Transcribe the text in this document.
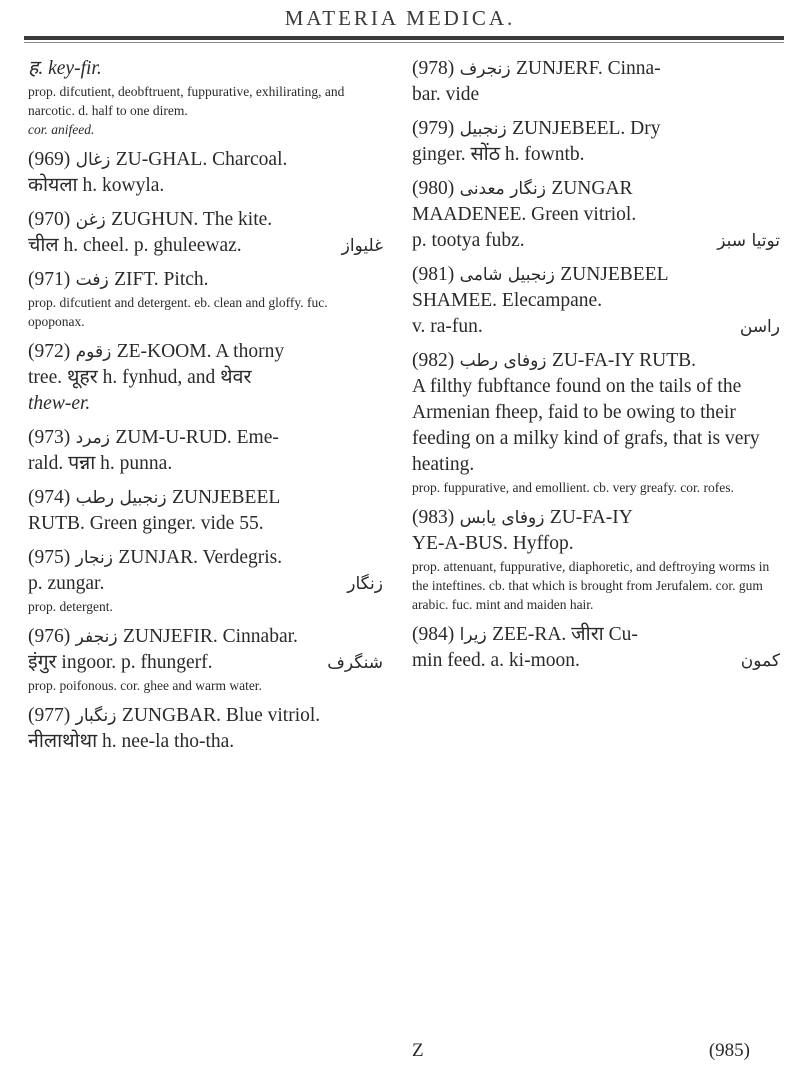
MATERIA MEDICA.
ह. key-fir.
prop. difcutient, deobftruent, fuppurative, exhilirating, and narcotic. d. half to one direm.
cor. anifeed.
(969) زغال ZU-GHAL. Charcoal.
कोयला h. kowyla.
(970) زغن ZUGHUN. The kite.
चील h. cheel. p. ghuleewaz.	غليواز
(971) زفت ZIFT. Pitch.
prop. difcutient and detergent. eb. clean and gloffy. fuc. opoponax.
(972) زقوم ZE-KOOM. A thorny
tree. थूहर h. fynhud, and थेवर
thew-er.
(973) زمرد ZUM-U-RUD. Eme-
rald. पन्ना h. punna.
(974) زنجبیل رطب ZUNJEBEEL
RUTB. Green ginger. vide 55.
(975) زنجار ZUNJAR. Verdegris.
p. zungar.	زنگار
prop. detergent.
(976) زنجفر ZUNJEFIR. Cinnabar.
इंगुर ingoor. p. fhungerf.	شنگرف
prop. poifonous. cor. ghee and warm water.
(977) زنگبار ZUNGBAR. Blue vitriol.
नीलाथोथा h. nee-la tho-tha.
(978) زنجرف ZUNJERF. Cinna-
bar. vide
(979) زنجبیل ZUNJEBEEL. Dry
ginger. सोंठ h. fowntb.
(980) زنگار معدنی ZUNGAR
MAADENEE. Green vitriol.
p. tootya fubz.	توتیا سبز
(981) زنجبیل شامی ZUNJEBEEL
SHAMEE. Elecampane.
v. ra-fun.	راسن
(982) زوفای رطب ZU-FA-IY RUTB.
A filthy fubftance found on the tails of the Armenian fheep, faid to be owing to their feeding on a milky kind of grafs, that is very heating.
prop. fuppurative, and emollient. cb. very greafy. cor. rofes.
(983) زوفای یابس ZU-FA-IY
YE-A-BUS. Hyffop.
prop. attenuant, fuppurative, diaphoretic, and deftroying worms in the inteftines. cb. that which is brought from Jerufalem. cor. gum arabic. fuc. mint and maiden hair.
(984) زیرا ZEE-RA. जीरा Cu-
min feed. a. ki-moon.	کمون
Z	(985)
